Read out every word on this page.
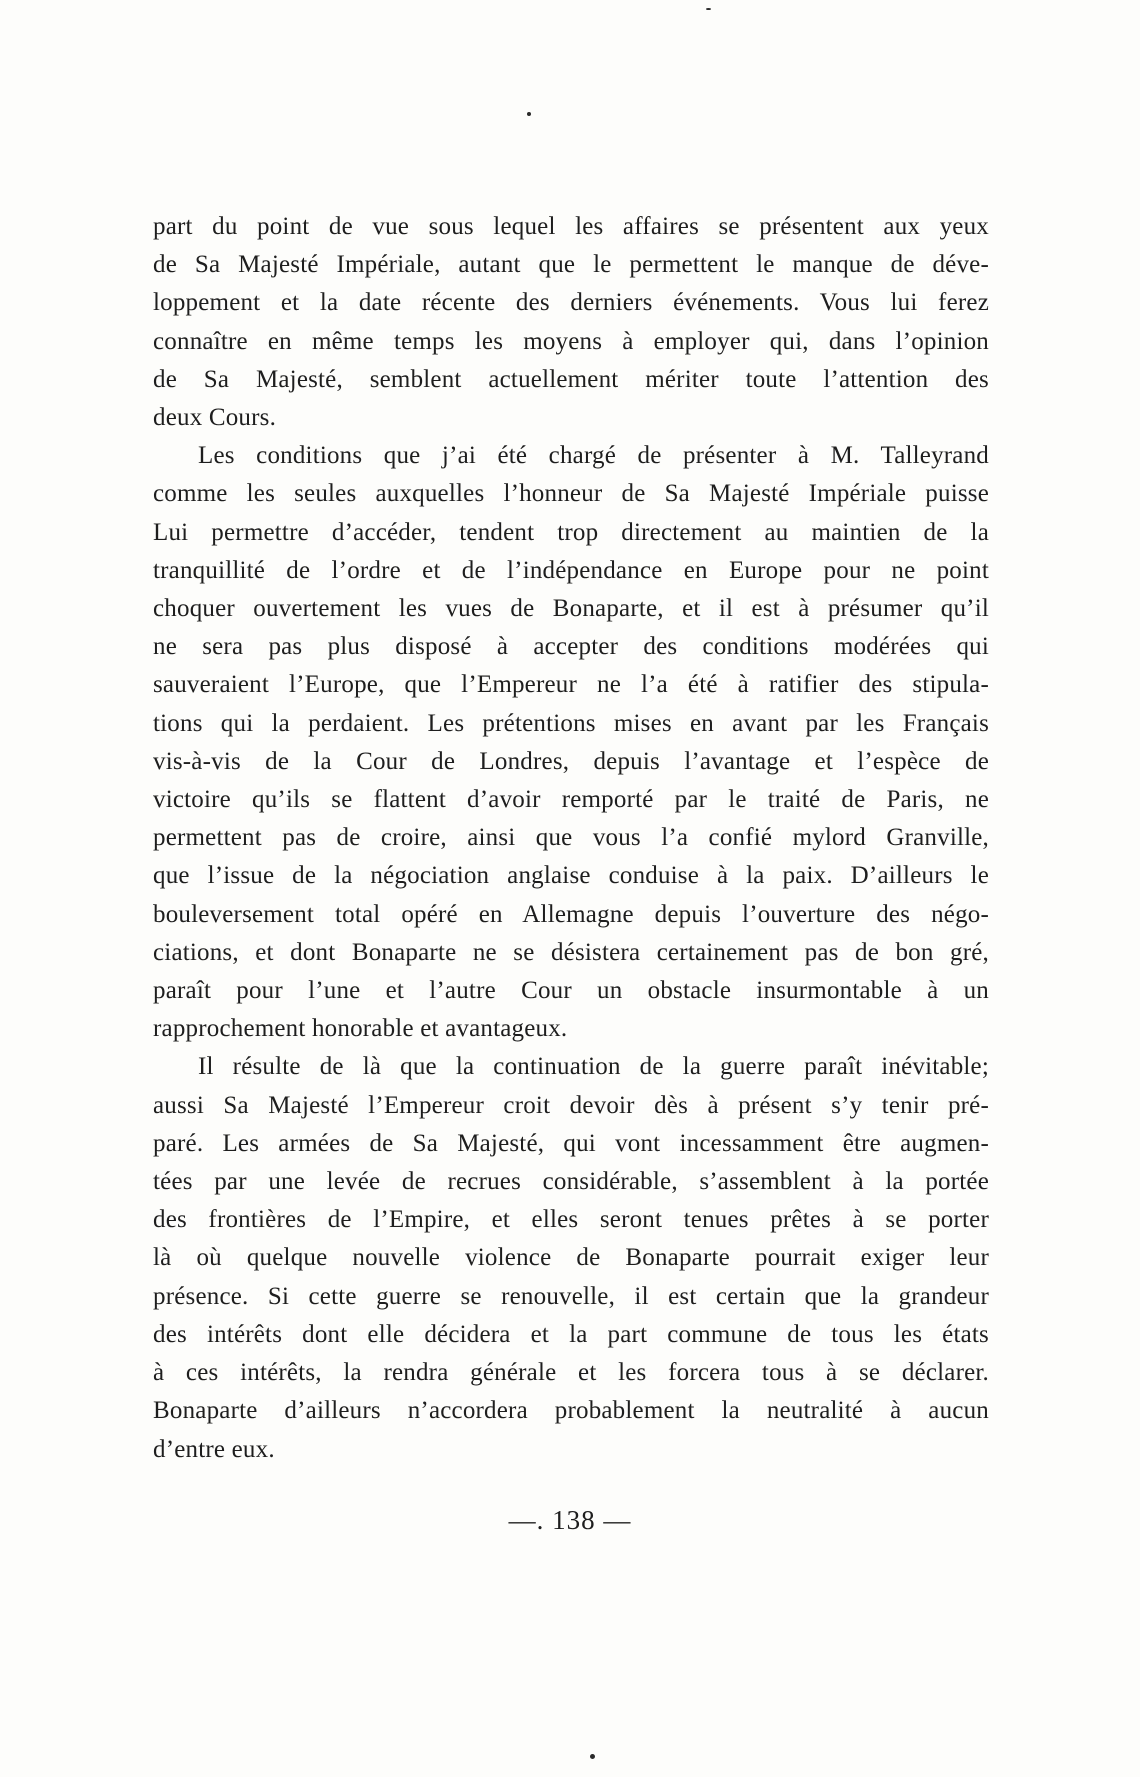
part du point de vue sous lequel les affaires se présentent aux yeux
de Sa Majesté Impériale, autant que le permettent le manque de déve-
loppement et la date récente des derniers événements. Vous lui ferez
connaître en même temps les moyens à employer qui, dans l’opinion
de Sa Majesté, semblent actuellement mériter toute l’attention des
deux Cours.

Les conditions que j’ai été chargé de présenter à M. Talleyrand
comme les seules auxquelles l’honneur de Sa Majesté Impériale puisse
Lui permettre d’accéder, tendent trop directement au maintien de la
tranquillité de l’ordre et de l’indépendance en Europe pour ne point
choquer ouvertement les vues de Bonaparte, et il est à présumer qu’il
ne sera pas plus disposé à accepter des conditions modérées qui
sauveraient l’Europe, que l’Empereur ne l’a été à ratifier des stipula-
tions qui la perdaient. Les prétentions mises en avant par les Français
vis-à-vis de la Cour de Londres, depuis l’avantage et l’espèce de
victoire qu’ils se flattent d’avoir remporté par le traité de Paris, ne
permettent pas de croire, ainsi que vous l’a confié mylord Granville,
que l’issue de la négociation anglaise conduise à la paix. D’ailleurs le
bouleversement total opéré en Allemagne depuis l’ouverture des négo-
ciations, et dont Bonaparte ne se désistera certainement pas de bon gré,
paraît pour l’une et l’autre Cour un obstacle insurmontable à un
rapprochement honorable et avantageux.

Il résulte de là que la continuation de la guerre paraît inévitable;
aussi Sa Majesté l’Empereur croit devoir dès à présent s’y tenir pré-
paré. Les armées de Sa Majesté, qui vont incessamment être augmen-
tées par une levée de recrues considérable, s’assemblent à la portée
des frontières de l’Empire, et elles seront tenues prêtes à se porter
là où quelque nouvelle violence de Bonaparte pourrait exiger leur
présence. Si cette guerre se renouvelle, il est certain que la grandeur
des intérêts dont elle décidera et la part commune de tous les états
à ces intérêts, la rendra générale et les forcera tous à se déclarer.
Bonaparte d’ailleurs n’accordera probablement la neutralité à aucun
d’entre eux.

—. 138 —
